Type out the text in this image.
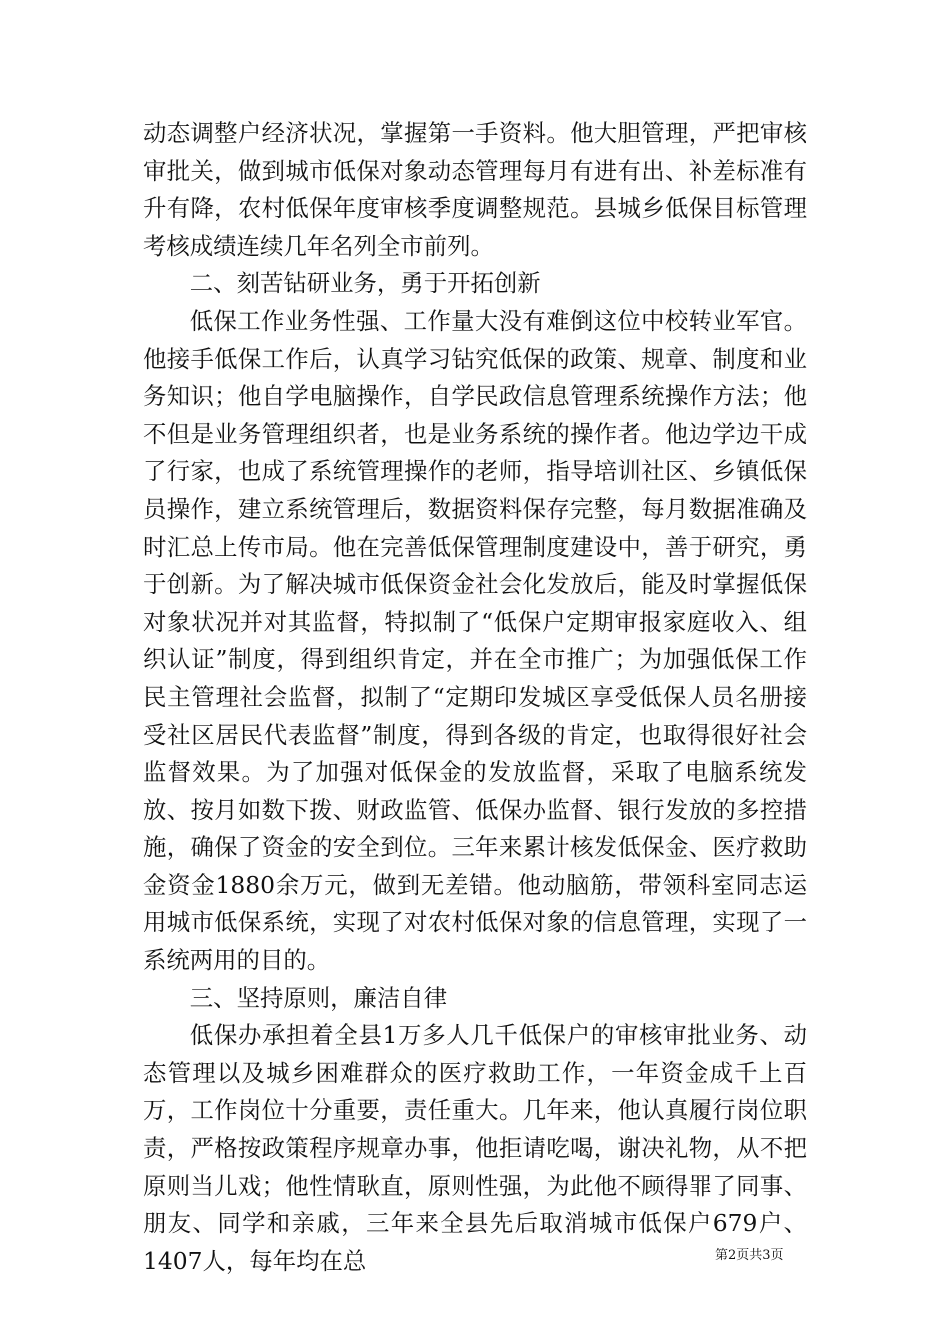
动态调整户经济状况，掌握第一手资料。他大胆管理，严把审核审批关，做到城市低保对象动态管理每月有进有出、补差标准有升有降，农村低保年度审核季度调整规范。县城乡低保目标管理考核成绩连续几年名列全市前列。

二、刻苦钻研业务，勇于开拓创新

低保工作业务性强、工作量大没有难倒这位中校转业军官。他接手低保工作后，认真学习钻究低保的政策、规章、制度和业务知识；他自学电脑操作，自学民政信息管理系统操作方法；他不但是业务管理组织者，也是业务系统的操作者。他边学边干成了行家，也成了系统管理操作的老师，指导培训社区、乡镇低保员操作，建立系统管理后，数据资料保存完整，每月数据准确及时汇总上传市局。他在完善低保管理制度建设中，善于研究，勇于创新。为了解决城市低保资金社会化发放后，能及时掌握低保对象状况并对其监督，特拟制了“低保户定期审报家庭收入、组织认证”制度，得到组织肯定，并在全市推广；为加强低保工作民主管理社会监督，拟制了“定期印发城区享受低保人员名册接受社区居民代表监督”制度，得到各级的肯定，也取得很好社会监督效果。为了加强对低保金的发放监督，采取了电脑系统发放、按月如数下拨、财政监管、低保办监督、银行发放的多控措施，确保了资金的安全到位。三年来累计核发低保金、医疗救助金资金1880余万元，做到无差错。他动脑筋，带领科室同志运用城市低保系统，实现了对农村低保对象的信息管理，实现了一系统两用的目的。

三、坚持原则，廉洁自律

低保办承担着全县1万多人几千低保户的审核审批业务、动态管理以及城乡困难群众的医疗救助工作，一年资金成千上百万，工作岗位十分重要，责任重大。几年来，他认真履行岗位职责，严格按政策程序规章办事，他拒请吃喝，谢决礼物，从不把原则当儿戏；他性情耿直，原则性强，为此他不顾得罪了同事、朋友、同学和亲戚，三年来全县先后取消城市低保户679户、1407人，每年均在总	第2页共3页
